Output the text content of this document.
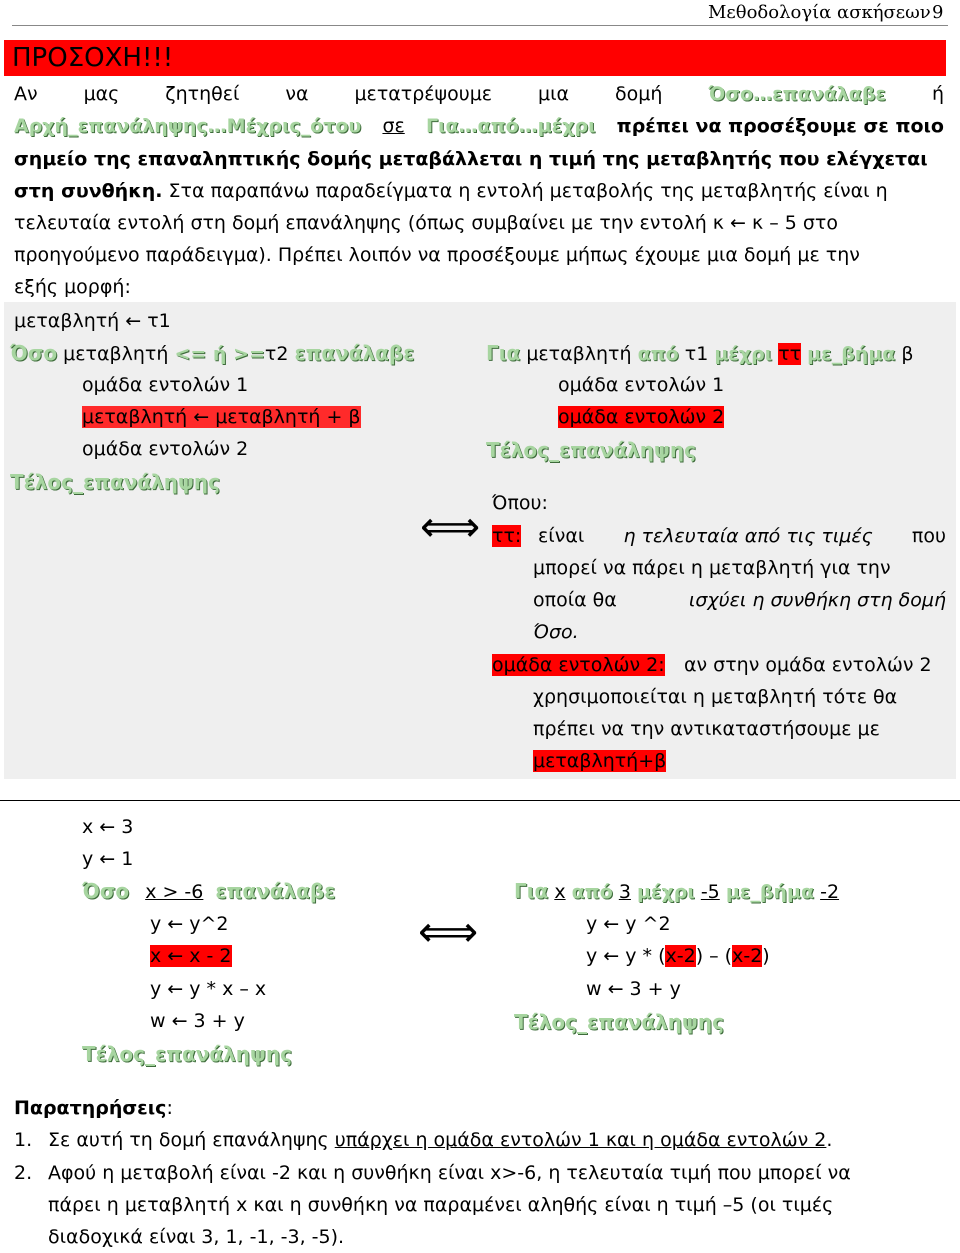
Μεθοδολογία ασκήσεων 9
ΠΡΟΣΟΧΗ!!!
Αν μας ζητηθεί να μετατρέψουμε μια δομή Όσο…επανάλαβε ή
Αρχή_επανάληψης…Μέχρις_ότου σε Για…από…μέχρι πρέπει να προσέξουμε σε ποιο
σημείο της επαναληπτικής δομής μεταβάλλεται η τιμή της μεταβλητής που ελέγχεται
στη συνθήκη. Στα παραπάνω παραδείγματα η εντολή μεταβολής της μεταβλητής είναι η
τελευταία εντολή στη δομή επανάληψης (όπως συμβαίνει με την εντολή κ ← κ – 5 στο
προηγούμενο παράδειγμα). Πρέπει λοιπόν να προσέξουμε μήπως έχουμε μια δομή με την
εξής μορφή:
μεταβλητή ← τ1
Όσο μεταβλητή <= ή >=τ2 επανάλαβε
ομάδα εντολών 1
μεταβλητή ← μεταβλητή + β
ομάδα εντολών 2
Τέλος_επανάληψης
Για μεταβλητή από τ1 μέχρι ττ με_βήμα β
ομάδα εντολών 1
ομάδα εντολών 2
Τέλος_επανάληψης
⟺ Όπου:
ττ: είναι η τελευταία από τις τιμές που
μπορεί να πάρει η μεταβλητή για την
οποία θα	ισχύει η συνθήκη στη δομή
Όσο.
ομάδα εντολών 2: αν στην ομάδα εντολών 2
χρησιμοποιείται η μεταβλητή τότε θα
πρέπει να την αντικαταστήσουμε με
μεταβλητή+β
x ← 3
y ← 1
Όσο x > -6 επανάλαβε
y ← y^2
x ← x - 2
y ← y * x – x
w ← 3 + y
Τέλος_επανάληψης
⟺
Για x από 3 μέχρι -5 με_βήμα -2
y ← y ^2
y ← y * (x-2) – (x-2)
w ← 3 + y
Τέλος_επανάληψης
Παρατηρήσεις:
1. Σε αυτή τη δομή επανάληψης υπάρχει η ομάδα εντολών 1 και η ομάδα εντολών 2.
2. Αφού η μεταβολή είναι -2 και η συνθήκη είναι x>-6, η τελευταία τιμή που μπορεί να
πάρει η μεταβλητή x και η συνθήκη να παραμένει αληθής είναι η τιμή –5 (οι τιμές
διαδοχικά είναι 3, 1, -1, -3, -5).
